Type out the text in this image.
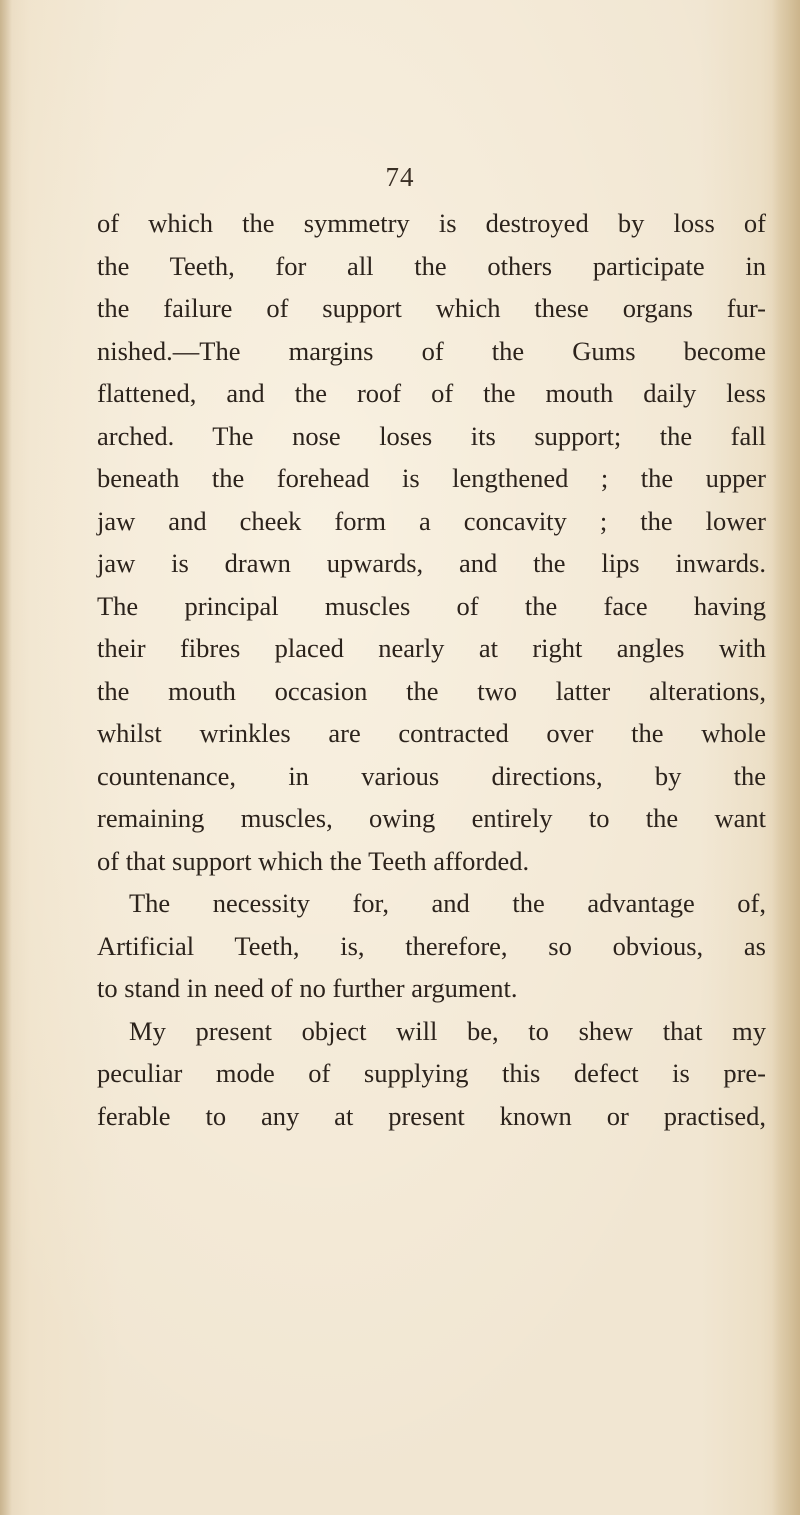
74
of which the symmetry is destroyed by loss of
the Teeth, for all the others participate in
the failure of support which these organs fur-
nished.—The margins of the Gums become
flattened, and the roof of the mouth daily less
arched. The nose loses its support; the fall
beneath the forehead is lengthened ; the upper
jaw and cheek form a concavity ; the lower
jaw is drawn upwards, and the lips inwards.
The principal muscles of the face having
their fibres placed nearly at right angles with
the mouth occasion the two latter alterations,
whilst wrinkles are contracted over the whole
countenance, in various directions, by the
remaining muscles, owing entirely to the want
of that support which the Teeth afforded.
The necessity for, and the advantage of,
Artificial Teeth, is, therefore, so obvious, as
to stand in need of no further argument.
My present object will be, to shew that my
peculiar mode of supplying this defect is pre-
ferable to any at present known or practised,
